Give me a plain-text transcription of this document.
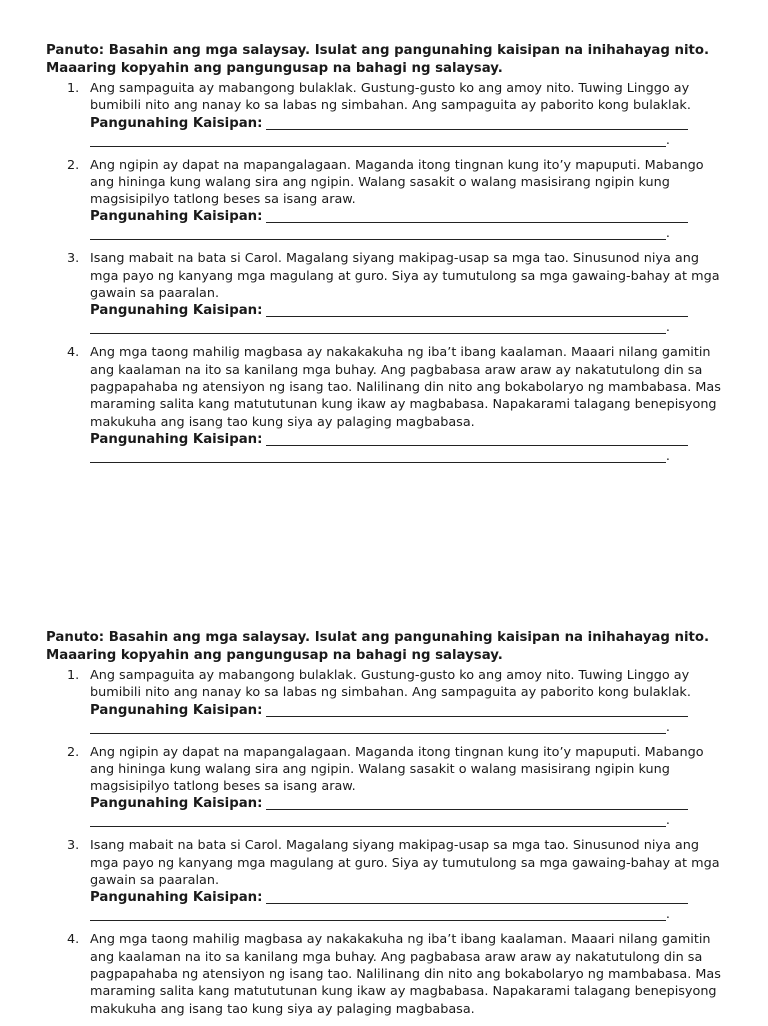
Panuto: Basahin ang mga salaysay. Isulat ang pangunahing kaisipan na inihahayag nito. Maaaring kopyahin ang pangungusap na bahagi ng salaysay.

1. Ang sampaguita ay mabangong bulaklak. Gustung-gusto ko ang amoy nito. Tuwing Linggo ay bumibili nito ang nanay ko sa labas ng simbahan. Ang sampaguita ay paborito kong bulaklak.
Pangunahing Kaisipan:
.
2. Ang ngipin ay dapat na mapangalagaan. Maganda itong tingnan kung ito’y mapuputi. Mabango ang hininga kung walang sira ang ngipin. Walang sasakit o walang masisirang ngipin kung magsisipilyo tatlong beses sa isang araw.
Pangunahing Kaisipan:
.
3. Isang mabait na bata si Carol. Magalang siyang makipag-usap sa mga tao. Sinusunod niya ang mga payo ng kanyang mga magulang at guro. Siya ay tumutulong sa mga gawaing-bahay at mga gawain sa paaralan.
Pangunahing Kaisipan:
.
4. Ang mga taong mahilig magbasa ay nakakakuha ng iba’t ibang kaalaman. Maaari nilang gamitin ang kaalaman na ito sa kanilang mga buhay. Ang pagbabasa araw araw ay nakatutulong din sa pagpapahaba ng atensiyon ng isang tao. Nalilinang din nito ang bokabolaryo ng mambabasa. Mas maraming salita kang matututunan kung ikaw ay magbabasa. Napakarami talagang benepisyong makukuha ang isang tao kung siya ay palaging magbabasa.
Pangunahing Kaisipan:
.

Panuto: Basahin ang mga salaysay. Isulat ang pangunahing kaisipan na inihahayag nito. Maaaring kopyahin ang pangungusap na bahagi ng salaysay.

1. Ang sampaguita ay mabangong bulaklak. Gustung-gusto ko ang amoy nito. Tuwing Linggo ay bumibili nito ang nanay ko sa labas ng simbahan. Ang sampaguita ay paborito kong bulaklak.
Pangunahing Kaisipan:
.
2. Ang ngipin ay dapat na mapangalagaan. Maganda itong tingnan kung ito’y mapuputi. Mabango ang hininga kung walang sira ang ngipin. Walang sasakit o walang masisirang ngipin kung magsisipilyo tatlong beses sa isang araw.
Pangunahing Kaisipan:
.
3. Isang mabait na bata si Carol. Magalang siyang makipag-usap sa mga tao. Sinusunod niya ang mga payo ng kanyang mga magulang at guro. Siya ay tumutulong sa mga gawaing-bahay at mga gawain sa paaralan.
Pangunahing Kaisipan:
.
4. Ang mga taong mahilig magbasa ay nakakakuha ng iba’t ibang kaalaman. Maaari nilang gamitin ang kaalaman na ito sa kanilang mga buhay. Ang pagbabasa araw araw ay nakatutulong din sa pagpapahaba ng atensiyon ng isang tao. Nalilinang din nito ang bokabolaryo ng mambabasa. Mas maraming salita kang matututunan kung ikaw ay magbabasa. Napakarami talagang benepisyong makukuha ang isang tao kung siya ay palaging magbabasa.
